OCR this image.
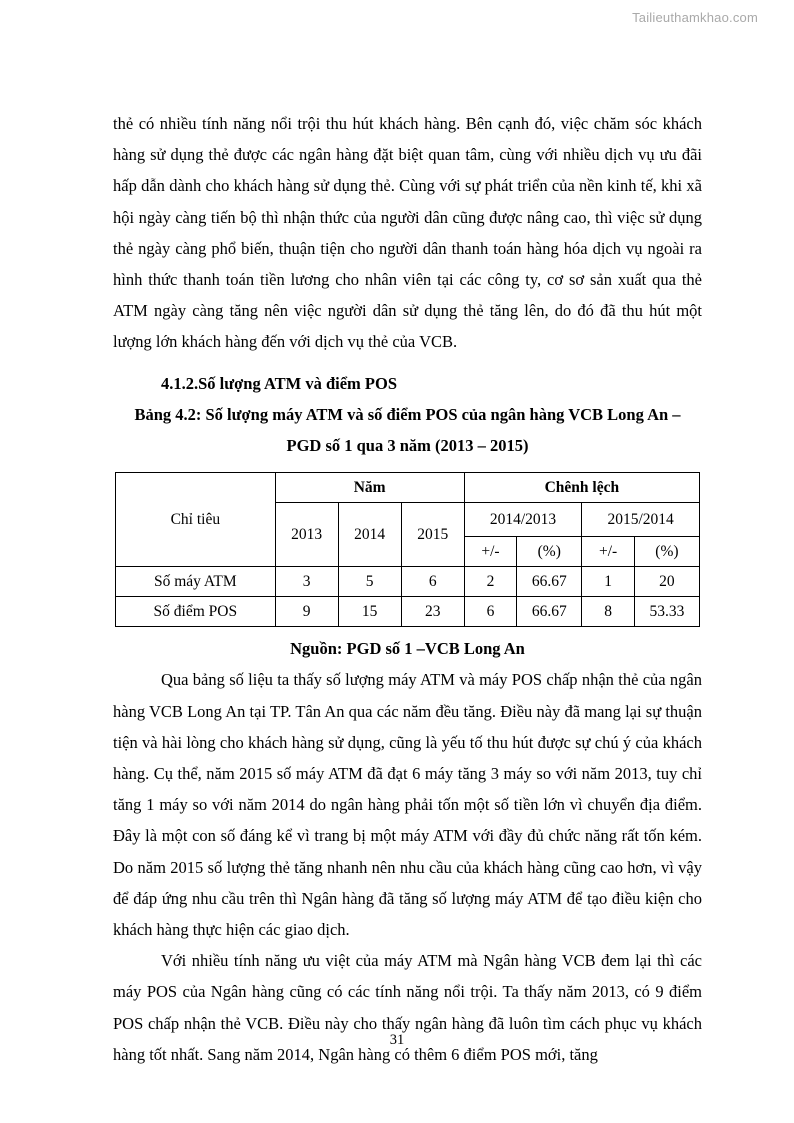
Tailieuthamkhao.com

thẻ có nhiều tính năng nổi trội thu hút khách hàng. Bên cạnh đó, việc chăm sóc khách hàng sử dụng thẻ được các ngân hàng đặt biệt quan tâm, cùng với nhiều dịch vụ ưu đãi hấp dẫn dành cho khách hàng sử dụng thẻ. Cùng với sự phát triển của nền kinh tế, khi xã hội ngày càng tiến bộ thì nhận thức của người dân cũng được nâng cao, thì việc sử dụng thẻ ngày càng phổ biến, thuận tiện cho người dân thanh toán hàng hóa dịch vụ ngoài ra hình thức thanh toán tiền lương cho nhân viên tại các công ty, cơ sơ sản xuất qua thẻ ATM ngày càng tăng nên việc người dân sử dụng thẻ tăng lên, do đó đã thu hút một lượng lớn khách hàng đến với dịch vụ thẻ của VCB.

4.1.2.Số lượng ATM và điểm POS

Bảng 4.2: Số lượng máy ATM và số điểm POS của ngân hàng VCB Long An –

PGD số 1 qua 3 năm (2013 – 2015)

Chỉ tiêu	Năm			Chênh lệch			
	2013	2014	2015	2014/2013		2015/2014	
				+/-	(%)	+/-	(%)
Số máy ATM	3	5	6	2	66.67	1	20
Số điểm POS	9	15	23	6	66.67	8	53.33

Nguồn: PGD số 1 –VCB Long An

Qua bảng số liệu ta thấy số lượng máy ATM và máy POS chấp nhận thẻ của ngân hàng VCB Long An tại TP. Tân An qua các năm đều tăng. Điều này đã mang lại sự thuận tiện và hài lòng cho khách hàng sử dụng, cũng là yếu tố thu hút được sự chú ý của khách hàng. Cụ thể, năm 2015 số máy ATM đã đạt 6 máy tăng 3 máy so với năm 2013, tuy chỉ tăng 1 máy so với năm 2014 do ngân hàng phải tốn một số tiền lớn vì chuyển địa điểm. Đây là một con số đáng kể vì trang bị một máy ATM với đầy đủ chức năng rất tốn kém. Do năm 2015 số lượng thẻ tăng nhanh nên nhu cầu của khách hàng cũng cao hơn, vì vậy để đáp ứng nhu cầu trên thì Ngân hàng đã tăng số lượng máy ATM để tạo điều kiện cho khách hàng thực hiện các giao dịch.

Với nhiều tính năng ưu việt của máy ATM mà Ngân hàng VCB đem lại thì các máy POS của Ngân hàng cũng có các tính năng nổi trội. Ta thấy năm 2013, có 9 điểm POS chấp nhận thẻ VCB. Điều này cho thấy ngân hàng đã luôn tìm cách phục vụ khách hàng tốt nhất. Sang năm 2014, Ngân hàng có thêm 6 điểm POS mới, tăng

31
